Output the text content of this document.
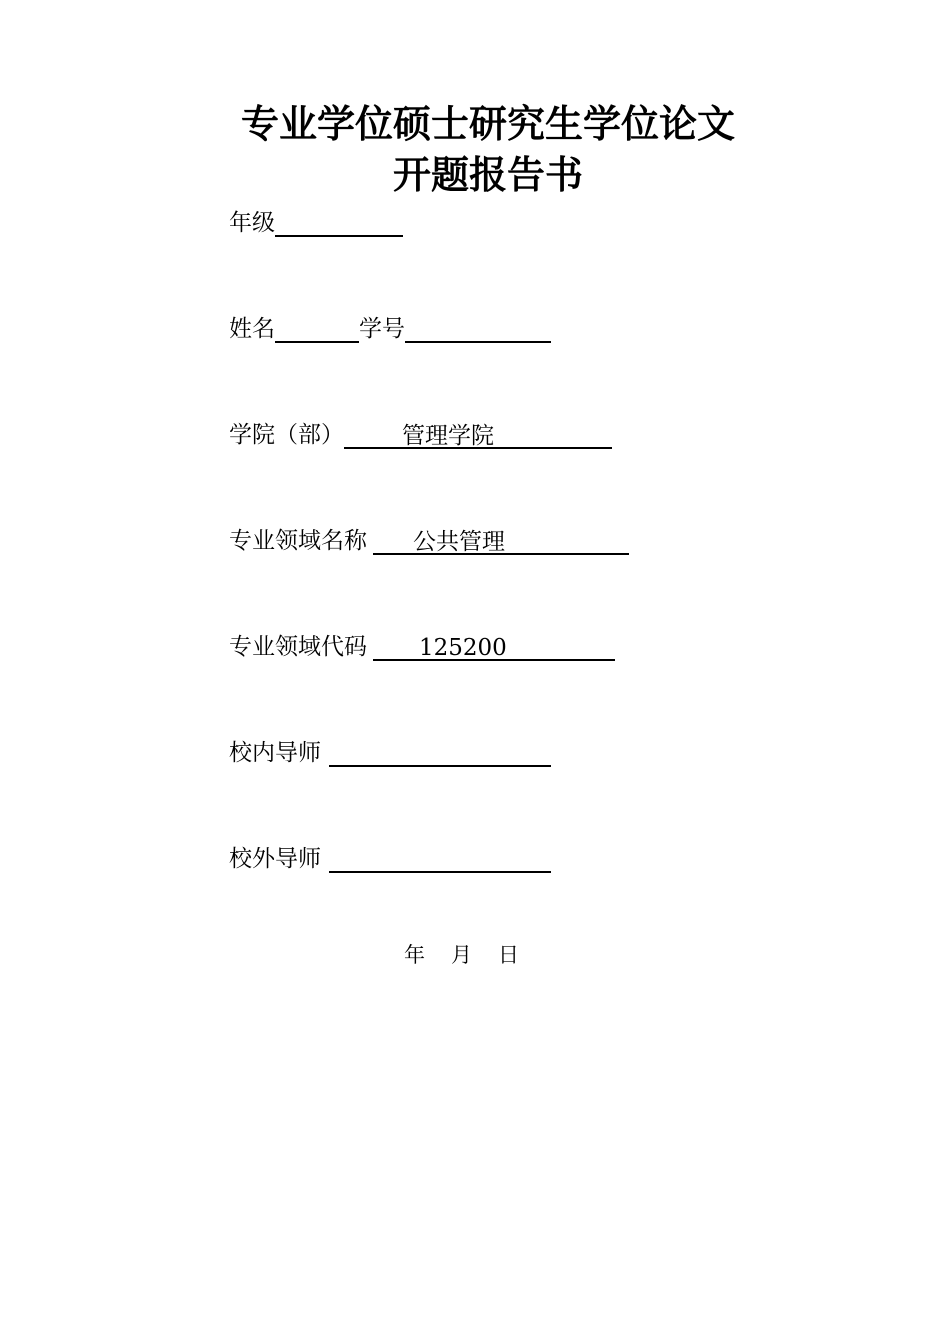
专业学位硕士研究生学位论文
开题报告书
年级
姓名	学号
学院（部）	管理学院
专业领域名称	公共管理
专业领域代码	125200
校内导师
校外导师
年 月 日
